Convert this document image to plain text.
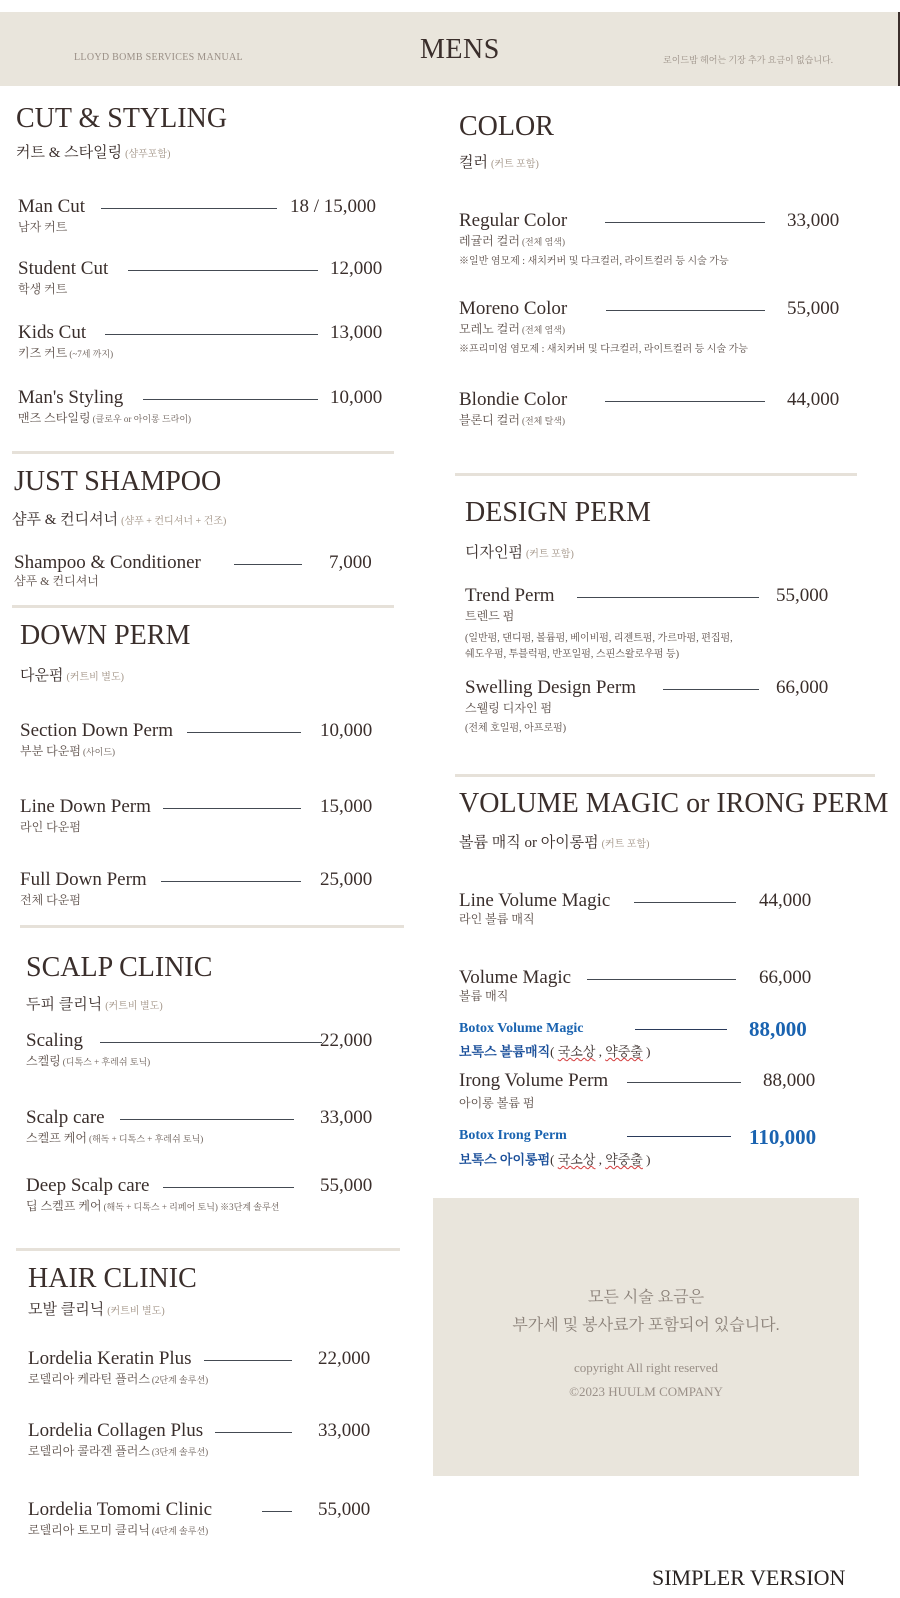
LLOYD BOMB SERVICES MANUAL	MENS	로이드밤 헤어는 기장 추가 요금이 없습니다.
CUT & STYLING
커트 & 스타일링 (샴푸포함)
Man Cut	18 / 15,000
남자 커트
Student Cut	12,000
학생 커트
Kids Cut	13,000
키즈 커트 (~7세 까지)
Man's Styling	10,000
맨즈 스타일링 (클로우 or 아이롱 드라이)
JUST SHAMPOO
샴푸 & 컨디셔너 (샴푸 + 컨디셔너 + 건조)
Shampoo & Conditioner	7,000
샴푸 & 컨디셔너
DOWN PERM
다운펌 (커트비 별도)
Section Down Perm	10,000
부분 다운펌 (사이드)
Line Down Perm	15,000
라인 다운펌
Full Down Perm	25,000
전체 다운펌
SCALP CLINIC
두피 클리닉 (커트비 별도)
Scaling	22,000
스켈링 (디톡스 + 후레쉬 토닉)
Scalp care	33,000
스켈프 케어 (해독 + 디톡스 + 후레쉬 토닉)
Deep Scalp care	55,000
딥 스켈프 케어 (해독 + 디톡스 + 리페어 토닉) ※3단계 솔루션
HAIR CLINIC
모발 클리닉 (커트비 별도)
Lordelia Keratin Plus	22,000
로델리아 케라틴 플러스 (2단계 솔루션)
Lordelia Collagen Plus	33,000
로델리아 콜라겐 플러스 (3단계 솔루션)
Lordelia Tomomi Clinic	55,000
로델리아 토모미 클리닉 (4단계 솔루션)
COLOR
컬러 (커트 포함)
Regular Color	33,000
레귤러 컬러 (전체 염색)
※일반 염모제 : 새치커버 및 다크컬러, 라이트컬러 등 시술 가능
Moreno Color	55,000
모레노 컬러 (전체 염색)
※프리미엄 염모제 : 새치커버 및 다크컬러, 라이트컬러 등 시술 가능
Blondie Color	44,000
블론디 컬러 (전체 탈색)
DESIGN PERM
디자인펌 (커트 포함)
Trend Perm	55,000
트렌드 펌
(일반펌, 댄디펌, 볼륨펌, 베이비펌, 리젠트펌, 가르마펌, 편집펌,
쉐도우펌, 투블럭펌, 반포일펌, 스핀스왈로우펌 등)
Swelling Design Perm	66,000
스웰링 디자인 펌
(전체 호일펌, 아프로펌)
VOLUME MAGIC or IRONG PERM
볼륨 매직 or 아이롱펌 (커트 포함)
Line Volume Magic	44,000
라인 볼륨 매직
Volume Magic	66,000
볼륨 매직
Botox Volume Magic	88,000
보톡스 볼륨매직( 국소상 , 약중출 )
Irong Volume Perm	88,000
아이롱 볼륨 펌
Botox Irong Perm	110,000
보톡스 아이롱펌( 국소상 , 약중출 )
모든 시술 요금은
부가세 및 봉사료가 포함되어 있습니다.
copyright All right reserved
©2023 HUULM COMPANY
SIMPLER VERSION
